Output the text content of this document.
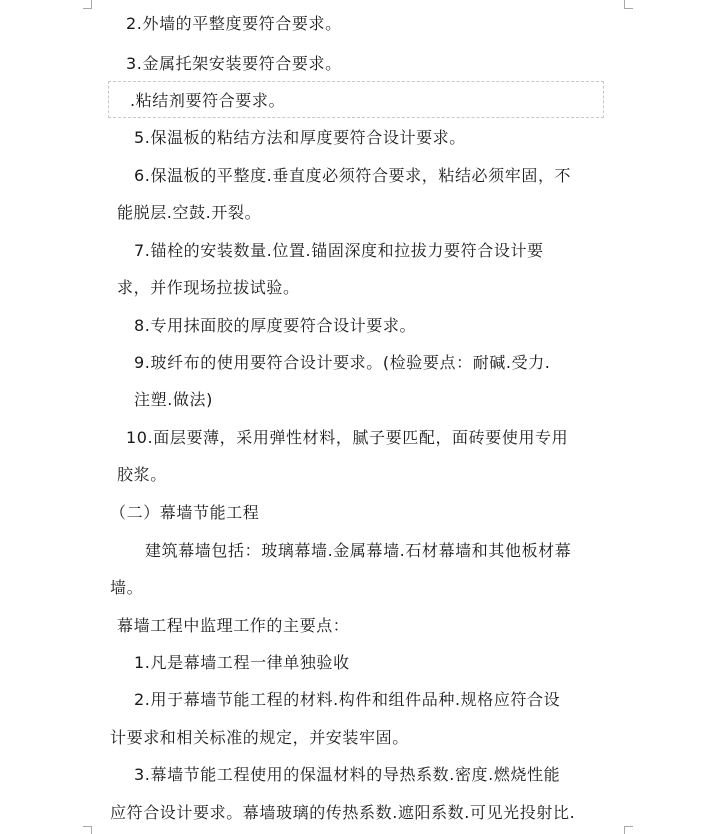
2.外墙的平整度要符合要求。
3.金属托架安装要符合要求。
.粘结剂要符合要求。
5.保温板的粘结方法和厚度要符合设计要求。
6.保温板的平整度.垂直度必须符合要求，粘结必须牢固，不
能脱层.空鼓.开裂。
7.锚栓的安装数量.位置.锚固深度和拉拔力要符合设计要
求，并作现场拉拔试验。
8.专用抹面胶的厚度要符合设计要求。
9.玻纤布的使用要符合设计要求。(检验要点：耐碱.受力.
注塑.做法)
10.面层要薄，采用弹性材料，腻子要匹配，面砖要使用专用
胶浆。
（二）幕墙节能工程
建筑幕墙包括：玻璃幕墙.金属幕墙.石材幕墙和其他板材幕
墙。
幕墙工程中监理工作的主要点：
1.凡是幕墙工程一律单独验收
2.用于幕墙节能工程的材料.构件和组件品种.规格应符合设
计要求和相关标准的规定，并安装牢固。
3.幕墙节能工程使用的保温材料的导热系数.密度.燃烧性能
应符合设计要求。幕墙玻璃的传热系数.遮阳系数.可见光投射比.
